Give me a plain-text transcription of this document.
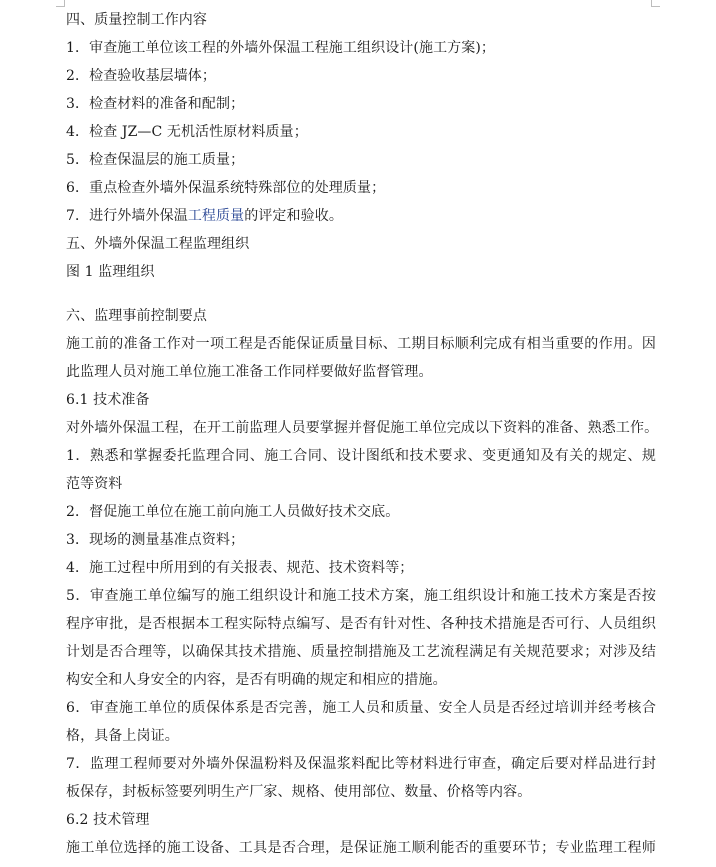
四、质量控制工作内容
1．审查施工单位该工程的外墙外保温工程施工组织设计(施工方案)；
2．检查验收基层墙体；
3．检查材料的准备和配制；
4．检查 JZ—C 无机活性原材料质量；
5．检查保温层的施工质量；
6．重点检查外墙外保温系统特殊部位的处理质量；
7．进行外墙外保温工程质量的评定和验收。
五、外墙外保温工程监理组织
图 1 监理组织
六、监理事前控制要点
施工前的准备工作对一项工程是否能保证质量目标、工期目标顺利完成有相当重要的作用。因
此监理人员对施工单位施工准备工作同样要做好监督管理。
6.1 技术准备
对外墙外保温工程，在开工前监理人员要掌握并督促施工单位完成以下资料的准备、熟悉工作。
1．熟悉和掌握委托监理合同、施工合同、设计图纸和技术要求、变更通知及有关的规定、规
范等资料
2．督促施工单位在施工前向施工人员做好技术交底。
3．现场的测量基准点资料；
4．施工过程中所用到的有关报表、规范、技术资料等；
5．审查施工单位编写的施工组织设计和施工技术方案，施工组织设计和施工技术方案是否按
程序审批，是否根据本工程实际特点编写、是否有针对性、各种技术措施是否可行、人员组织
计划是否合理等，以确保其技术措施、质量控制措施及工艺流程满足有关规范要求；对涉及结
构安全和人身安全的内容，是否有明确的规定和相应的措施。
6．审查施工单位的质保体系是否完善，施工人员和质量、安全人员是否经过培训并经考核合
格，具备上岗证。
7．监理工程师要对外墙外保温粉料及保温浆料配比等材料进行审查，确定后要对样品进行封
板保存，封板标签要列明生产厂家、规格、使用部位、数量、价格等内容。
6.2 技术管理
施工单位选择的施工设备、工具是否合理，是保证施工顺利能否的重要环节；专业监理工程师
